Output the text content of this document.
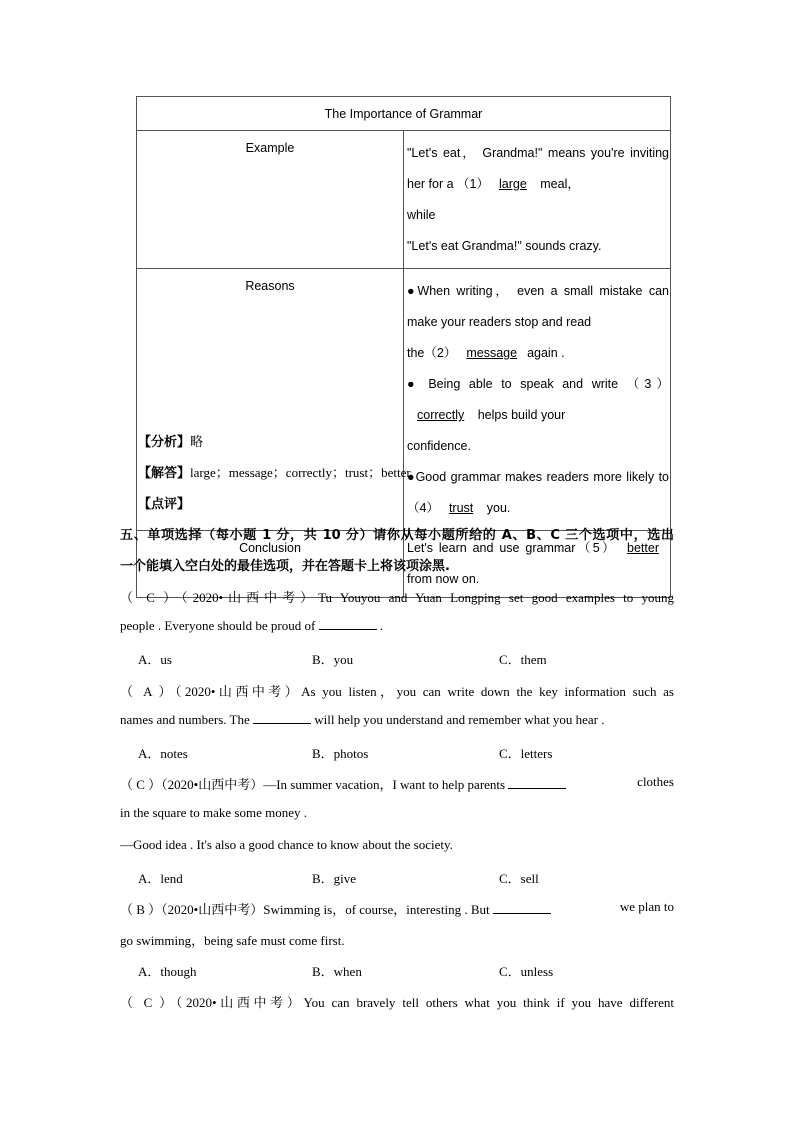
The Importance of Grammar	
Example	"Let's eat， Grandma!" means you're inviting her for a （1） large meal，
while
"Let's eat Grandma!" sounds crazy.

Reasons	●When writing， even a small mistake can make your readers stop and read
the（2） message again .
● Being able to speak and write （3） correctly helps build your
confidence.
●Good grammar makes readers more likely to （4） trust you.

Conclusion	Let's learn and use grammar（5） better from now on.
【分析】略
【解答】large；message；correctly；trust；better
【点评】
五、单项选择（每小题 1 分，共 10 分）请你从每小题所给的 A、B、C 三个选项中，选出
一个能填入空白处的最佳选项，并在答题卡上将该项涂黑.
（ C ）（2020•山西中考）Tu Youyou and Yuan Longping set good examples to young
people . Everyone should be proud of	.
A．us	B．you	C．them
（ A ）（2020•山西中考）As you listen，you can write down the key information such as
names and numbers. The	will help you understand and remember what you hear .
A．notes	B．photos	C．letters
（ C ）（2020•山西中考）—In summer vacation，I want to help parents	clothes
in the square to make some money .
—Good idea . It's also a good chance to know about the society.
A．lend	B．give	C．sell
（ B ）（2020•山西中考）Swimming is，of course，interesting . But	we plan to
go swimming，being safe must come first.
A．though	B．when	C．unless
（ C ）（2020•山西中考）You can bravely tell others what you think if you have different
